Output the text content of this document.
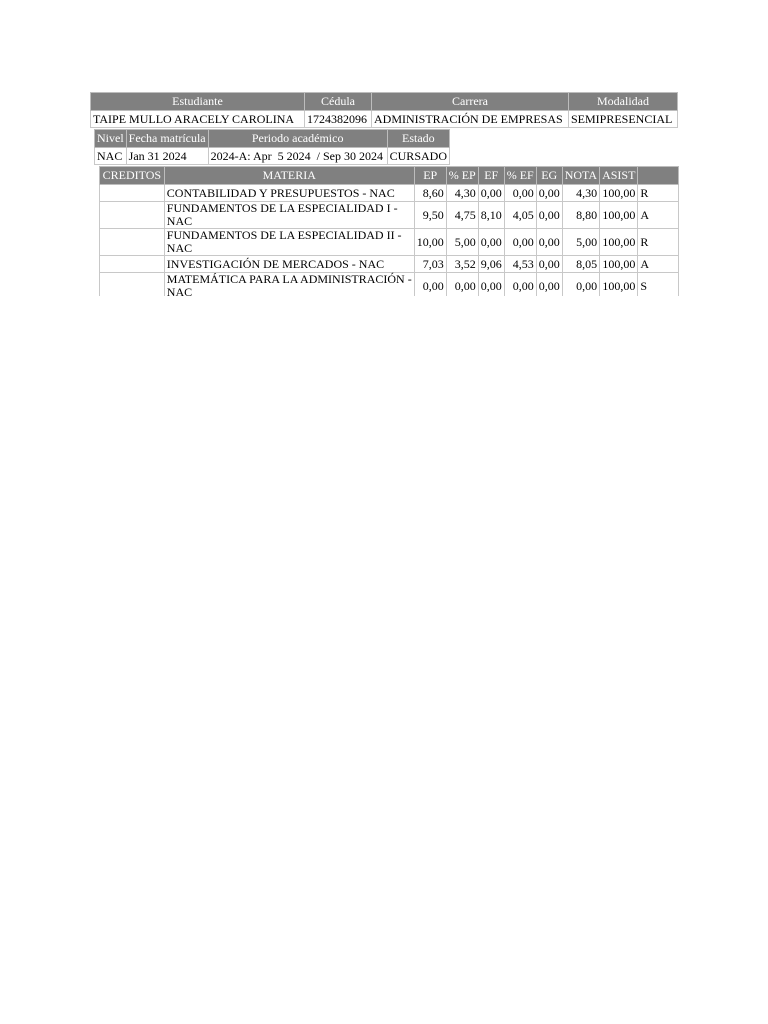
Estudiante	Cédula	Carrera	Modalidad
TAIPE MULLO ARACELY CAROLINA	1724382096	ADMINISTRACIÓN DE EMPRESAS	SEMIPRESENCIAL
Nivel	Fecha matrícula	Periodo académico	Estado
NAC	Jan 31 2024	2024-A: Apr  5 2024  / Sep 30 2024	CURSADO
CREDITOS	MATERIA	EP	% EP	EF	% EF	EG	NOTA	ASIST	
	CONTABILIDAD Y PRESUPUESTOS - NAC	8,60	4,30	0,00	0,00	0,00	4,30	100,00	R
	FUNDAMENTOS DE LA ESPECIALIDAD I - NAC	9,50	4,75	8,10	4,05	0,00	8,80	100,00	A
	FUNDAMENTOS DE LA ESPECIALIDAD II - NAC	10,00	5,00	0,00	0,00	0,00	5,00	100,00	R
	INVESTIGACIÓN DE MERCADOS - NAC	7,03	3,52	9,06	4,53	0,00	8,05	100,00	A
	MATEMÁTICA PARA LA ADMINISTRACIÓN - NAC	0,00	0,00	0,00	0,00	0,00	0,00	100,00	S
